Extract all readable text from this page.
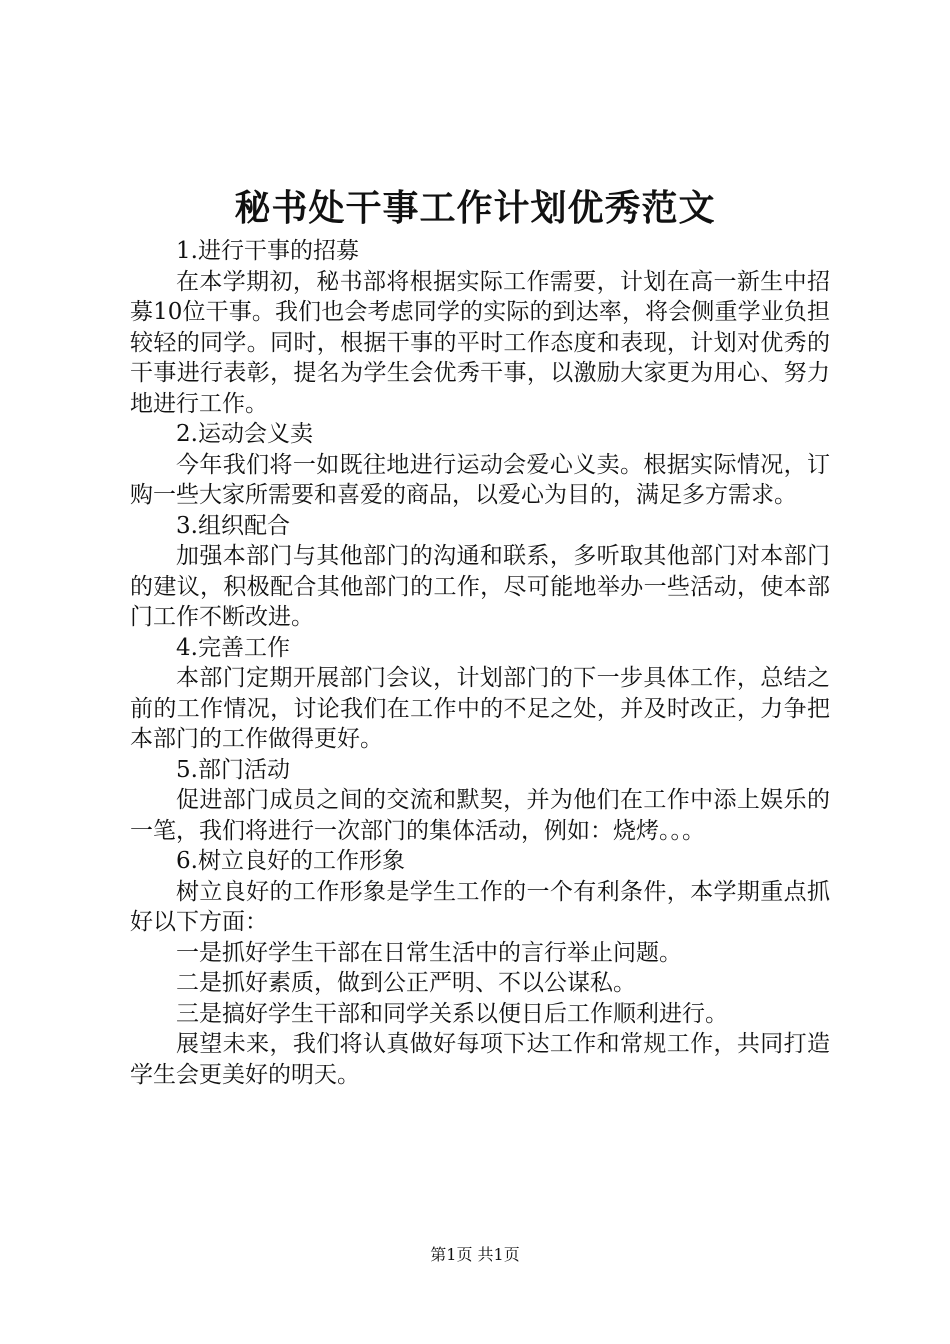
秘书处干事工作计划优秀范文

1.进行干事的招募

在本学期初，秘书部将根据实际工作需要，计划在高一新生中招募10位干事。我们也会考虑同学的实际的到达率，将会侧重学业负担较轻的同学。同时，根据干事的平时工作态度和表现，计划对优秀的干事进行表彰，提名为学生会优秀干事，以激励大家更为用心、努力地进行工作。

2.运动会义卖

今年我们将一如既往地进行运动会爱心义卖。根据实际情况，订购一些大家所需要和喜爱的商品，以爱心为目的，满足多方需求。

3.组织配合

加强本部门与其他部门的沟通和联系，多听取其他部门对本部门的建议，积极配合其他部门的工作，尽可能地举办一些活动，使本部门工作不断改进。

4.完善工作

本部门定期开展部门会议，计划部门的下一步具体工作，总结之前的工作情况，讨论我们在工作中的不足之处，并及时改正，力争把本部门的工作做得更好。

5.部门活动

促进部门成员之间的交流和默契，并为他们在工作中添上娱乐的一笔，我们将进行一次部门的集体活动，例如：烧烤。。。

6.树立良好的工作形象

树立良好的工作形象是学生工作的一个有利条件，本学期重点抓好以下方面：

一是抓好学生干部在日常生活中的言行举止问题。

二是抓好素质，做到公正严明、不以公谋私。

三是搞好学生干部和同学关系以便日后工作顺利进行。

展望未来，我们将认真做好每项下达工作和常规工作，共同打造学生会更美好的明天。

第1页 共1页
